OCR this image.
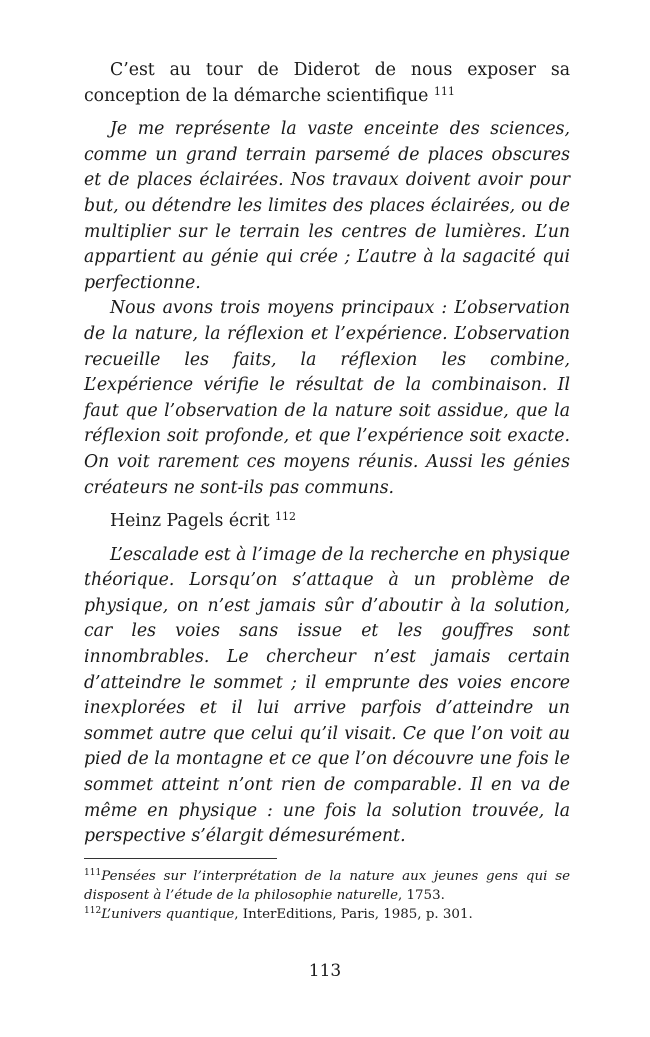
C’est au tour de Diderot de nous exposer sa conception de la démarche scientifique $^{111}$

Je me représente la vaste enceinte des sciences, comme un grand terrain parsemé de places obscures et de places éclairées. Nos travaux doivent avoir pour but, ou détendre les limites des places éclairées, ou de multiplier sur le terrain les centres de lumières. L’un appartient au génie qui crée ; L’autre à la sagacité qui perfectionne.

Nous avons trois moyens principaux : L’observation de la nature, la réflexion et l’expérience. L’observation recueille les faits, la réflexion les combine, L’expérience vérifie le résultat de la combinaison. Il faut que l’observation de la nature soit assidue, que la réflexion soit profonde, et que l’expérience soit exacte. On voit rarement ces moyens réunis. Aussi les génies créateurs ne sont-ils pas communs.

Heinz Pagels écrit $^{112}$

L’escalade est à l’image de la recherche en physique théorique. Lorsqu’on s’attaque à un problème de physique, on n’est jamais sûr d’aboutir à la solution, car les voies sans issue et les gouffres sont innombrables. Le chercheur n’est jamais certain d’atteindre le sommet ; il emprunte des voies encore inexplorées et il lui arrive parfois d’atteindre un sommet autre que celui qu’il visait. Ce que l’on voit au pied de la montagne et ce que l’on découvre une fois le sommet atteint n’ont rien de comparable. Il en va de même en physique : une fois la solution trouvée, la perspective s’élargit démesurément.

$^{111}$Pensées sur l’interprétation de la nature aux jeunes gens qui se disposent à l’étude de la philosophie naturelle, 1753.

$^{112}$L’univers quantique, InterEditions, Paris, 1985, p. 301.

113
